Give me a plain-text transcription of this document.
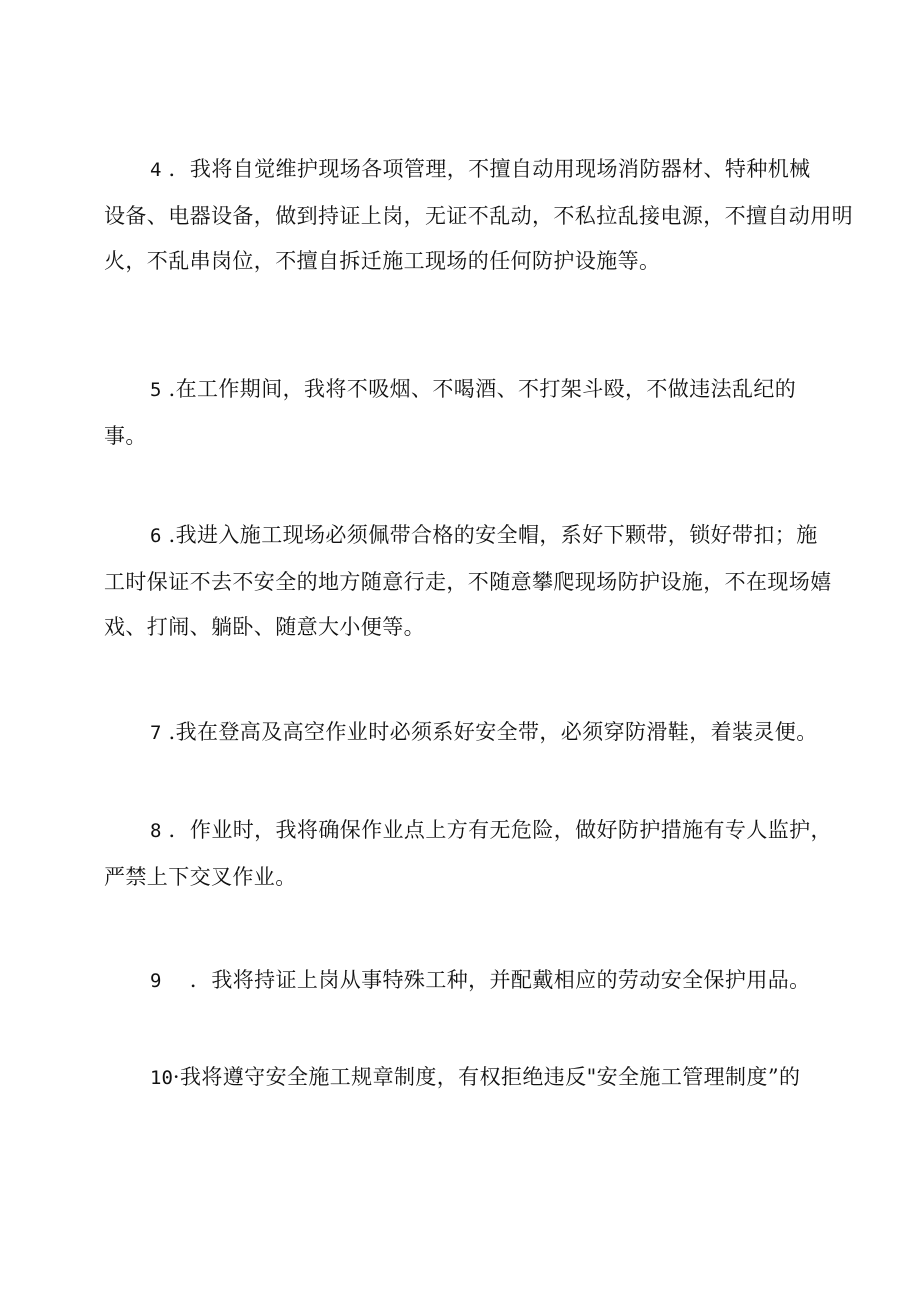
4 ．我将自觉维护现场各项管理，不擅自动用现场消防器材、特种机械
设备、电器设备，做到持证上岗，无证不乱动，不私拉乱接电源，不擅自动用明
火，不乱串岗位，不擅自拆迁施工现场的任何防护设施等。

5 .在工作期间，我将不吸烟、不喝酒、不打架斗殴，不做违法乱纪的
事。

6 .我进入施工现场必须佩带合格的安全帽，系好下颗带，锁好带扣；施
工时保证不去不安全的地方随意行走，不随意攀爬现场防护设施，不在现场嬉
戏、打闹、躺卧、随意大小便等。

7 .我在登高及高空作业时必须系好安全带，必须穿防滑鞋，着装灵便。

8 ．作业时，我将确保作业点上方有无危险，做好防护措施有专人监护，
严禁上下交叉作业。

9　 ．我将持证上岗从事特殊工种，并配戴相应的劳动安全保护用品。

10·我将遵守安全施工规章制度，有权拒绝违反"安全施工管理制度”的
